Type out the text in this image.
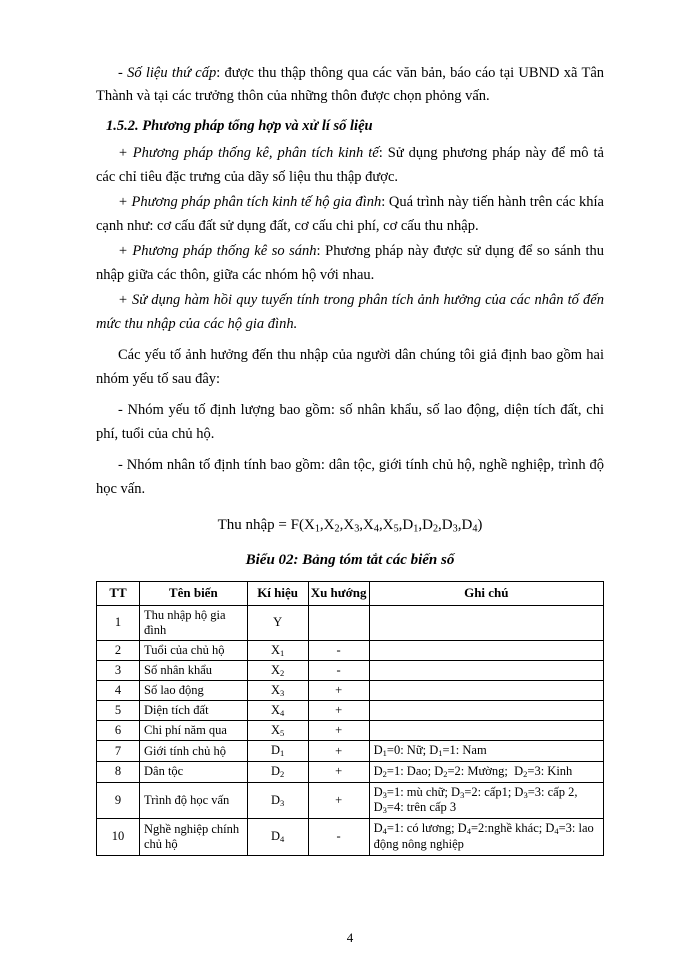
- Số liệu thứ cấp: được thu thập thông qua các văn bản, báo cáo tại UBND xã Tân Thành và tại các trưởng thôn của những thôn được chọn phỏng vấn.

1.5.2. Phương pháp tổng hợp và xử lí số liệu

+ Phương pháp thống kê, phân tích kinh tế: Sử dụng phương pháp này để mô tả các chỉ tiêu đặc trưng của dãy số liệu thu thập được.

+ Phương pháp phân tích kinh tế hộ gia đình: Quá trình này tiến hành trên các khía cạnh như: cơ cấu đất sử dụng đất, cơ cấu chi phí, cơ cấu thu nhập.

+ Phương pháp thống kê so sánh: Phương pháp này được sử dụng để so sánh thu nhập giữa các thôn, giữa các nhóm hộ với nhau.

+ Sử dụng hàm hồi quy tuyến tính trong phân tích ảnh hưởng của các nhân tố đến mức thu nhập của các hộ gia đình.

Các yếu tố ảnh hưởng đến thu nhập của người dân chúng tôi giả định bao gồm hai nhóm yếu tố sau đây:

- Nhóm yếu tố định lượng bao gồm: số nhân khẩu, số lao động, diện tích đất, chi phí, tuổi của chủ hộ.

- Nhóm nhân tố định tính bao gồm: dân tộc, giới tính chủ hộ, nghề nghiệp, trình độ học vấn.

Thu nhập = $F(X_1,X_2,X_3,X_4,X_5,D_1,D_2,D_3,D_4)$

Biểu 02: Bảng tóm tắt các biến số

TT	Tên biến	Kí hiệu	Xu hướng	Ghi chú
1	Thu nhập hộ gia đình	Y		
2	Tuổi của chủ hộ	$X_1$	-	
3	Số nhân khẩu	$X_2$	-	
4	Số lao động	$X_3$	+	
5	Diện tích đất	$X_4$	+	
6	Chi phí năm qua	$X_5$	+	
7	Giới tính chủ hộ	$D_1$	+	$D_1=0$: Nữ; $D_1=1$: Nam
8	Dân tộc	$D_2$	+	$D_2=1$: Dao; $D_2=2$: Mường;  $D_2=3$: Kinh
9	Trình độ học vấn	$D_3$	+	$D_3=1$: mù chữ; $D_3=2$: cấp1; $D_3=3$: cấp 2, $D_3=4$: trên cấp 3
10	Nghề nghiệp chính chủ hộ	$D_4$	-	$D_4=1$: có lương; $D_4=2:nghề$ khác; $D_4=3$: lao động nông nghiệp
4
